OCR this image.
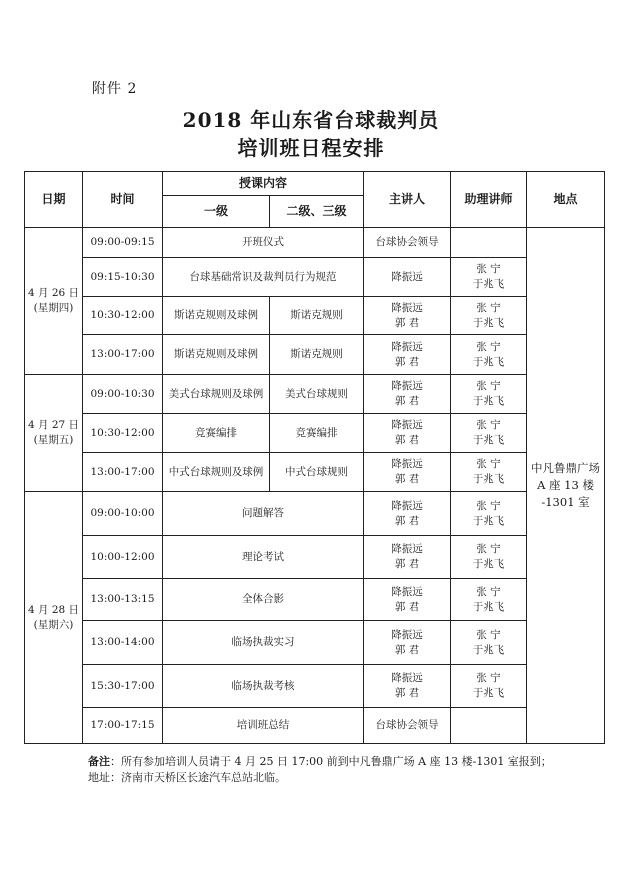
附件 2
2018 年山东省台球裁判员
培训班日程安排
日期	时间	授课内容		主讲人	助理讲师	地点
		一级	二级、三级			

4 月 26 日
(星期四)	09:00-09:15	开班仪式		台球协会领导		中凡鲁鼎广场
A 座 13 楼
-1301 室
	09:15-10:30	台球基础常识及裁判员行为规范		降振远	张 宁
于兆飞	
	10:30-12:00	斯诺克规则及球例	斯诺克规则	降振远
郭 君	张 宁
于兆飞	
	13:00-17:00	斯诺克规则及球例	斯诺克规则	降振远
郭 君	张 宁
于兆飞	

4 月 27 日
(星期五)	09:00-10:30	美式台球规则及球例	美式台球规则	降振远
郭 君	张 宁
于兆飞	
	10:30-12:00	竞赛编排	竞赛编排	降振远
郭 君	张 宁
于兆飞	
	13:00-17:00	中式台球规则及球例	中式台球规则	降振远
郭 君	张 宁
于兆飞	

4 月 28 日
(星期六)	09:00-10:00	问题解答		降振远
郭 君	张 宁
于兆飞	
	10:00-12:00	理论考试		降振远
郭 君	张 宁
于兆飞	
	13:00-13:15	全体合影		降振远
郭 君	张 宁
于兆飞	
	13:00-14:00	临场执裁实习		降振远
郭 君	张 宁
于兆飞	
	15:30-17:00	临场执裁考核		降振远
郭 君	张 宁
于兆飞	
	17:00-17:15	培训班总结		台球协会领导		
备注：所有参加培训人员请于 4 月 25 日 17:00 前到中凡鲁鼎广场 A 座 13 楼-1301 室报到；地址：济南市天桥区长途汽车总站北临。
